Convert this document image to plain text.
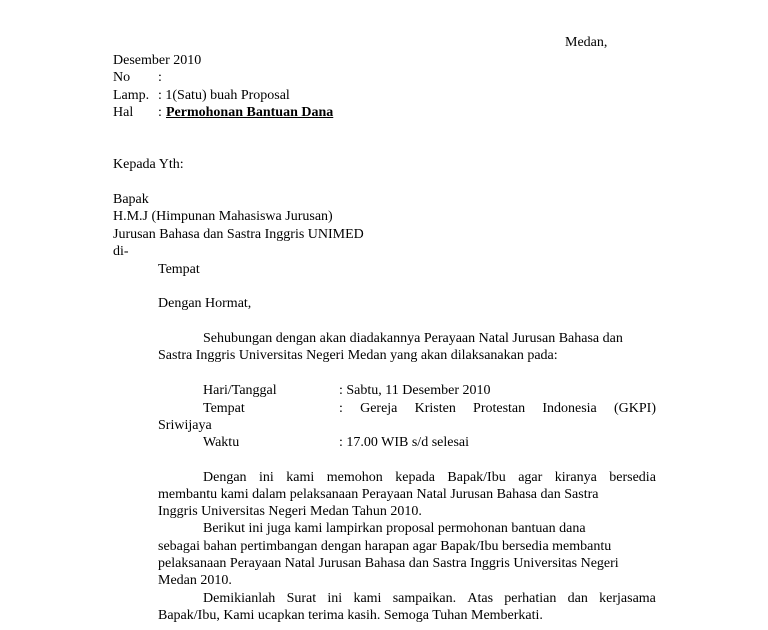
Medan,
Desember 2010
No :
Lamp. : 1(Satu) buah Proposal
Hal : Permohonan Bantuan Dana
Kepada Yth:
Bapak
H.M.J (Himpunan Mahasiswa Jurusan)
Jurusan Bahasa dan Sastra Inggris UNIMED
di-
Tempat
Dengan Hormat,
Sehubungan dengan akan diadakannya Perayaan Natal Jurusan Bahasa dan
Sastra Inggris Universitas Negeri Medan yang akan dilaksanakan pada:
Hari/Tanggal	: Sabtu, 11 Desember 2010
Tempat	: Gereja Kristen Protestan Indonesia (GKPI)
Sriwijaya
Waktu	: 17.00 WIB s/d selesai
Dengan ini kami memohon kepada Bapak/Ibu agar kiranya bersedia
membantu kami dalam pelaksanaan Perayaan Natal Jurusan Bahasa dan Sastra
Inggris Universitas Negeri Medan Tahun 2010.
Berikut ini juga kami lampirkan proposal permohonan bantuan dana
sebagai bahan pertimbangan dengan harapan agar Bapak/Ibu bersedia membantu
pelaksanaan Perayaan Natal Jurusan Bahasa dan Sastra Inggris Universitas Negeri
Medan 2010.
Demikianlah Surat ini kami sampaikan. Atas perhatian dan kerjasama
Bapak/Ibu, Kami ucapkan terima kasih. Semoga Tuhan Memberkati.
